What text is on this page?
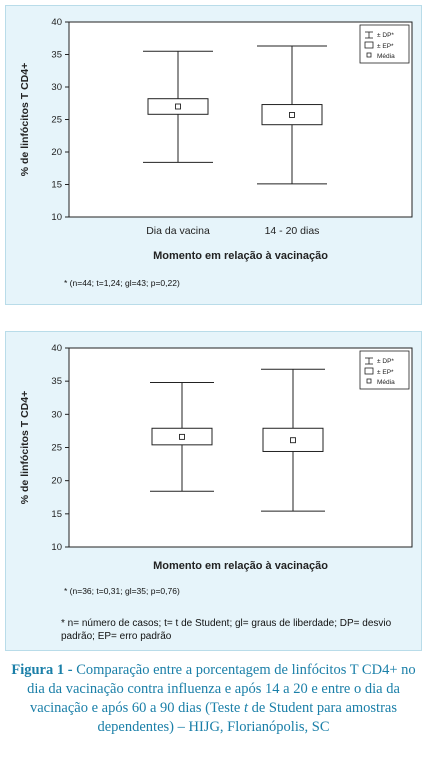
10
15
20
25
30
35
40
% de linfócitos T CD4+
Dia da vacina	14 - 20 dias
Momento em relação à vacinação
± DP*
± EP*
Média
* (n=44; t=1,24; gl=43; p=0,22)
10
15
20
25
30
35
40
% de linfócitos T CD4+
Momento em relação à vacinação
± DP*
± EP*
Média
* (n=36; t=0,31; gl=35; p=0,76)
* n= número de casos; t= t de Student; gl= graus de liberdade; DP= desvio padrão; EP= erro padrão
Figura 1 - Comparação entre a porcentagem de linfócitos T CD4+ no dia da vacinação contra influenza e após 14 a 20 e entre o dia da vacinação e após 60 a 90 dias (Teste t de Student para amostras dependentes) – HIJG, Florianópolis, SC
